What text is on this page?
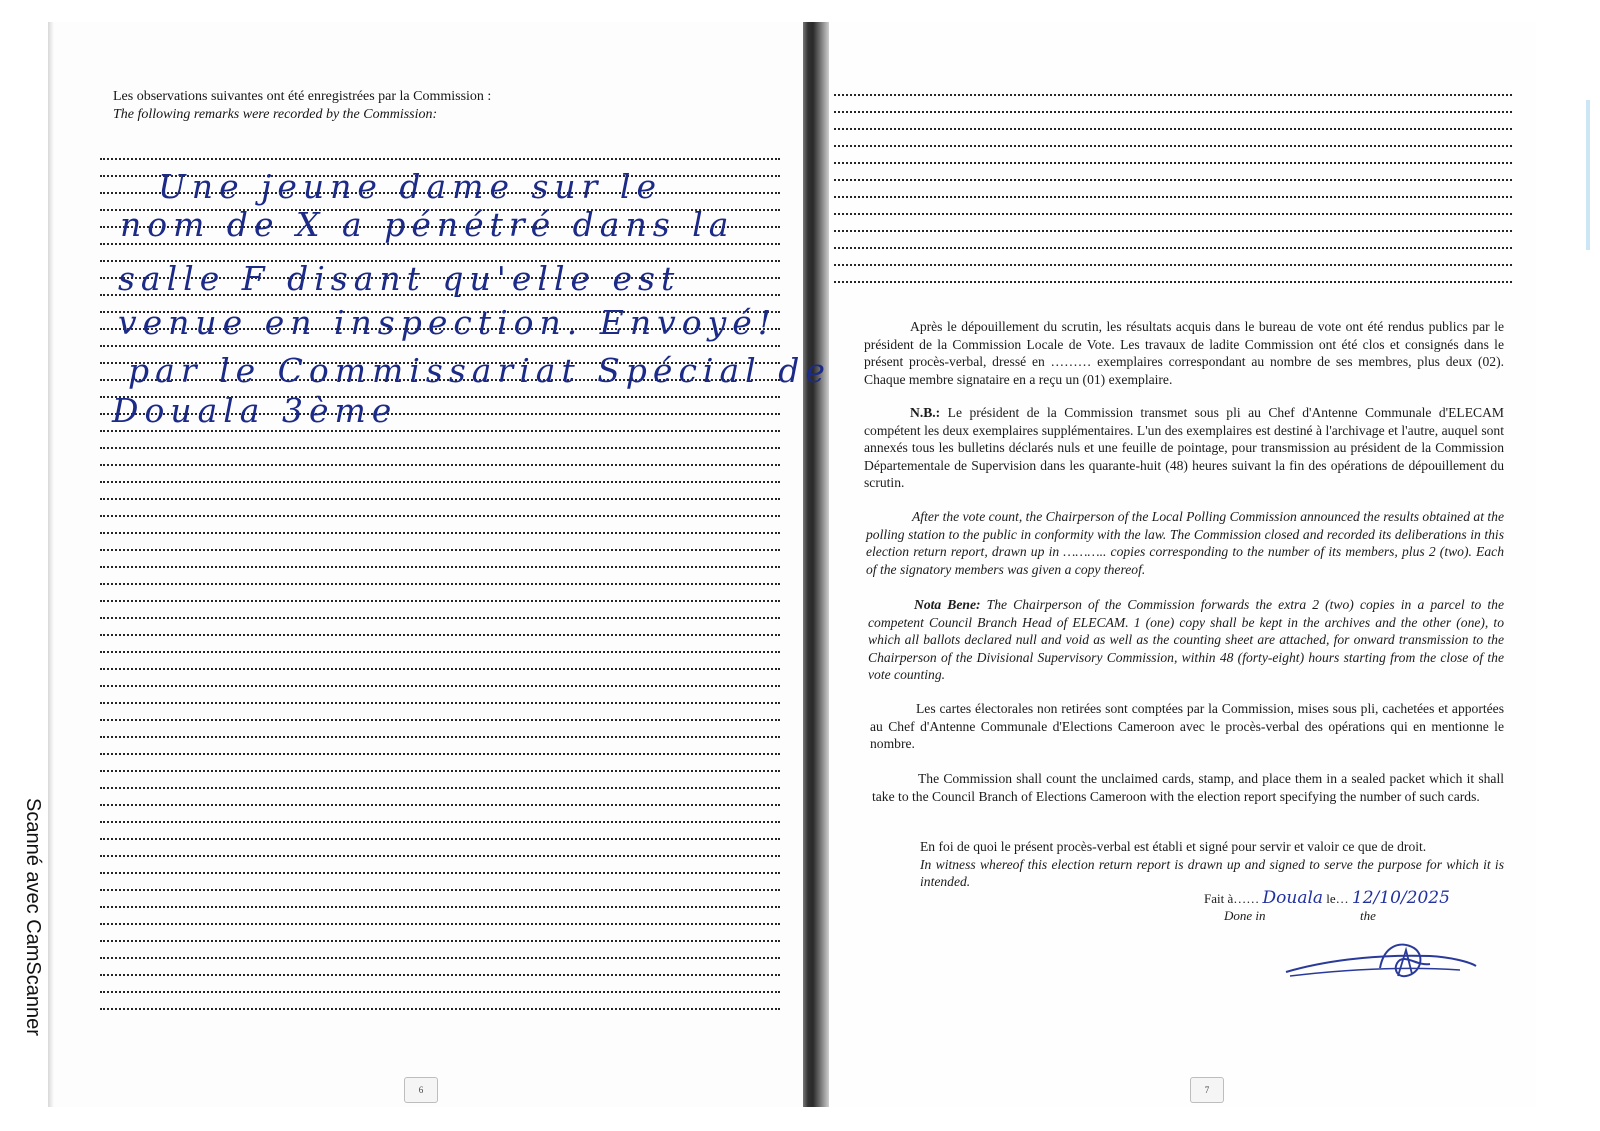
Les observations suivantes ont été enregistrées par la Commission :
The following remarks were recorded by the Commission:
Une jeune dame sur le
nom de X a pénétré dans la
salle F disant qu'elle est
venue en inspection. Envoyé!
par le Commissariat Spécial de
Douala 3ème
6
Après le dépouillement du scrutin, les résultats acquis dans le bureau de vote ont été rendus publics par le président de la Commission Locale de Vote. Les travaux de ladite Commission ont été clos et consignés dans le présent procès-verbal, dressé en ……… exemplaires correspondant au nombre de ses membres, plus deux (02). Chaque membre signataire en a reçu un (01) exemplaire.
N.B.: Le président de la Commission transmet sous pli au Chef d'Antenne Communale d'ELECAM compétent les deux exemplaires supplémentaires. L'un des exemplaires est destiné à l'archivage et l'autre, auquel sont annexés tous les bulletins déclarés nuls et une feuille de pointage, pour transmission au président de la Commission Départementale de Supervision dans les quarante-huit (48) heures suivant la fin des opérations de dépouillement du scrutin.
After the vote count, the Chairperson of the Local Polling Commission announced the results obtained at the polling station to the public in conformity with the law. The Commission closed and recorded its deliberations in this election return report, drawn up in ……….. copies corresponding to the number of its members, plus 2 (two). Each of the signatory members was given a copy thereof.
Nota Bene: The Chairperson of the Commission forwards the extra 2 (two) copies in a parcel to the competent Council Branch Head of ELECAM. 1 (one) copy shall be kept in the archives and the other (one), to which all ballots declared null and void as well as the counting sheet are attached, for onward transmission to the Chairperson of the Divisional Supervisory Commission, within 48 (forty-eight) hours starting from the close of the vote counting.
Les cartes électorales non retirées sont comptées par la Commission, mises sous pli, cachetées et apportées au Chef d'Antenne Communale d'Elections Cameroon avec le procès-verbal des opérations qui en mentionne le nombre.
The Commission shall count the unclaimed cards, stamp, and place them in a sealed packet which it shall take to the Council Branch of Elections Cameroon with the election report specifying the number of such cards.
En foi de quoi le présent procès-verbal est établi et signé pour servir et valoir ce que de droit.
In witness whereof this election return report is drawn up and signed to serve the purpose for which it is intended.
Fait à…… Douala le… 12/10/2025
Done in	the
7
Scanné avec CamScanner
